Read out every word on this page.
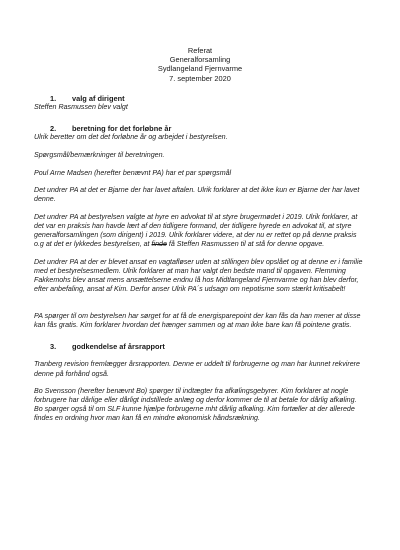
Referat
Generalforsamling
Sydlangeland Fjernvarme
7. september 2020
1.	valg af dirigent

Steffen Rasmussen blev valgt

2.	beretning for det forløbne år

Ulrik beretter om det det forløbne år og arbejdet i bestyrelsen.

Spørgsmål/bemærkninger til beretningen.

Poul Arne Madsen (herefter benævnt PA) har et par spørgsmål

Det undrer PA at det er Bjarne der har lavet aftalen. Ulrik forklarer at det ikke kun er Bjarne der har lavet denne.

Det undrer PA at bestyrelsen valgte at hyre en advokat til at styre brugermødet i 2019. Ulrik forklarer, at det var en praksis han havde lært af den tidligere formand, der tidligere hyrede en advokat til, at styre generalforsamlingen (som dirigent) i 2019. Ulrik forklarer videre, at der nu er rettet op på denne praksis o.g at det er lykkedes bestyrelsen, at finde få Steffen Rasmussen til at stå for denne opgave.

Det undrer PA at der er blevet ansat en vagtafløser uden at stillingen blev opslået og at denne er i familie med et bestyrelsesmedlem. Ulrik forklarer at man har valgt den bedste mand til opgaven. Flemming Fakkemohs blev ansat mens ansættelserne endnu lå hos Midtlangeland Fjernvarme og han blev derfor, efter anbefaling, ansat af Kim. Derfor anser Ulrik PA´s udsagn om nepotisme som stærkt kritisabelt!

PA spørger til om bestyrelsen har sørget for at få de energisparepoint der kan fås da han mener at disse kan fås gratis. Kim forklarer hvordan det hænger sammen og at man ikke bare kan få pointene gratis.

3.	godkendelse af årsrapport

Tranberg revision fremlægger årsrapporten. Denne er uddelt til forbrugerne og man har kunnet rekvirere denne på forhånd også.

Bo Svensson (herefter benævnt Bo) spørger til indtægter fra afkølingsgebyrer. Kim forklarer at nogle forbrugere har dårlige eller dårligt indstillede anlæg og derfor kommer de til at betale for dårlig afkøling.

Bo spørger også til om SLF kunne hjælpe forbrugerne mht dårlig afkøling. Kim fortæller at der allerede findes en ordning hvor man kan få en mindre økonomisk håndsrækning.
